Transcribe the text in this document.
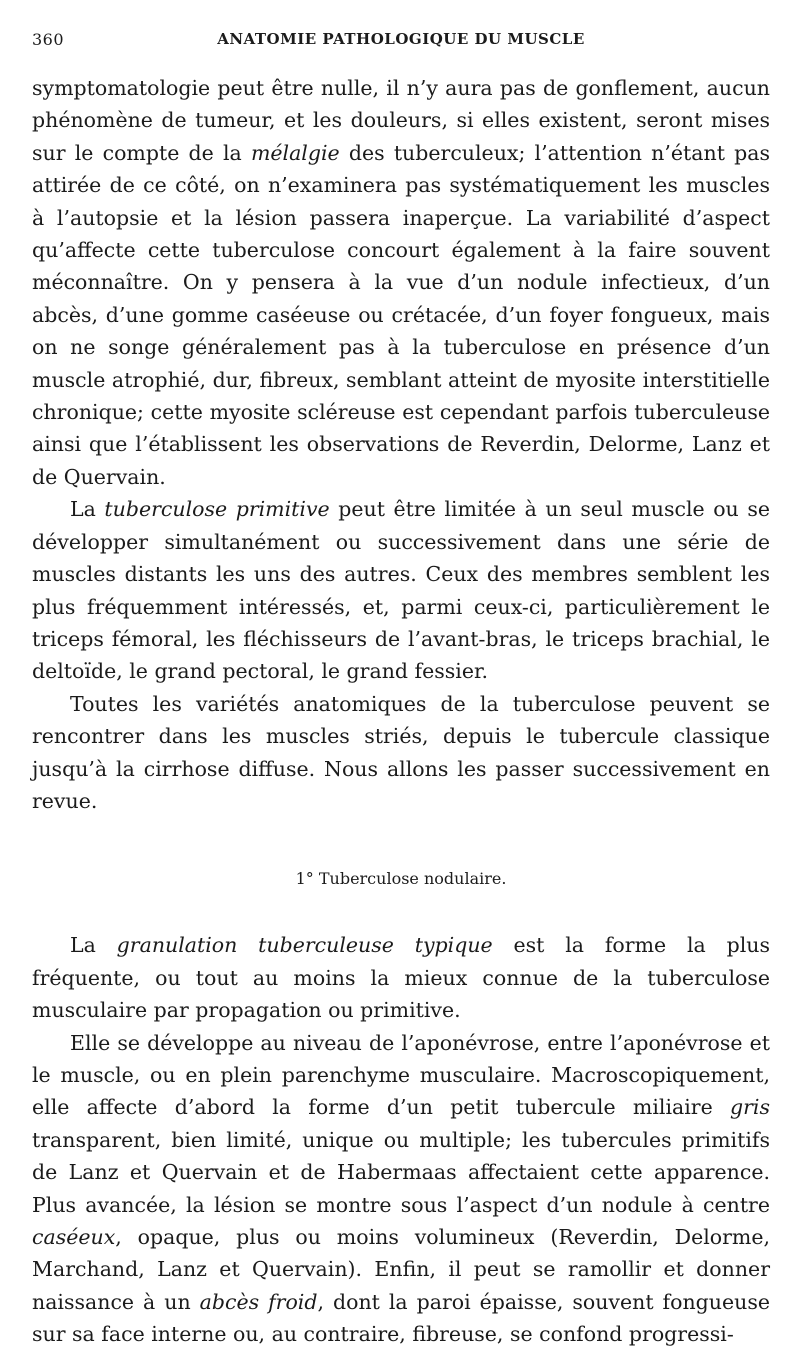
360	ANATOMIE PATHOLOGIQUE DU MUSCLE

symptomatologie peut être nulle, il n’y aura pas de gonflement, aucun phénomène de tumeur, et les douleurs, si elles existent, seront mises sur le compte de la mélalgie des tuberculeux; l’attention n’étant pas attirée de ce côté, on n’examinera pas systématiquement les muscles à l’autopsie et la lésion passera inaperçue. La variabilité d’aspect qu’affecte cette tuberculose concourt également à la faire souvent méconnaître. On y pensera à la vue d’un nodule infectieux, d’un abcès, d’une gomme caséeuse ou crétacée, d’un foyer fongueux, mais on ne songe généralement pas à la tuberculose en présence d’un muscle atrophié, dur, fibreux, semblant atteint de myosite interstitielle chronique; cette myosite scléreuse est cependant parfois tuberculeuse ainsi que l’établissent les observations de Reverdin, Delorme, Lanz et de Quervain.

La tuberculose primitive peut être limitée à un seul muscle ou se développer simultanément ou successivement dans une série de muscles distants les uns des autres. Ceux des membres semblent les plus fréquemment intéressés, et, parmi ceux-ci, particulièrement le triceps fémoral, les fléchisseurs de l’avant-bras, le triceps brachial, le deltoïde, le grand pectoral, le grand fessier.

Toutes les variétés anatomiques de la tuberculose peuvent se rencontrer dans les muscles striés, depuis le tubercule classique jusqu’à la cirrhose diffuse. Nous allons les passer successivement en revue.

1° Tuberculose nodulaire.

La granulation tuberculeuse typique est la forme la plus fréquente, ou tout au moins la mieux connue de la tuberculose musculaire par propagation ou primitive.

Elle se développe au niveau de l’aponévrose, entre l’aponévrose et le muscle, ou en plein parenchyme musculaire. Macroscopiquement, elle affecte d’abord la forme d’un petit tubercule miliaire gris transparent, bien limité, unique ou multiple; les tubercules primitifs de Lanz et Quervain et de Habermaas affectaient cette apparence. Plus avancée, la lésion se montre sous l’aspect d’un nodule à centre caséeux, opaque, plus ou moins volumineux (Reverdin, Delorme, Marchand, Lanz et Quervain). Enfin, il peut se ramollir et donner naissance à un abcès froid, dont la paroi épaisse, souvent fongueuse sur sa face interne ou, au contraire, fibreuse, se confond progressi-
